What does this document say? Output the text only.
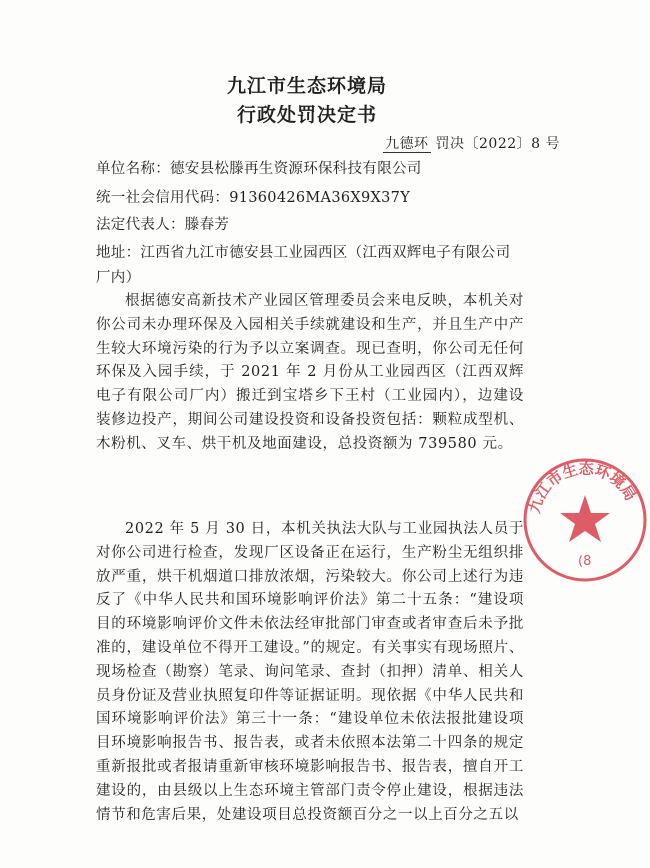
九江市生态环境局
行政处罚决定书
九德环 罚决〔2022〕8 号
单位名称：德安县松滕再生资源环保科技有限公司
统一社会信用代码：91360426MA36X9X37Y
法定代表人：滕春芳
地址：江西省九江市德安县工业园西区（江西双辉电子有限公司
厂内）
根据德安高新技术产业园区管理委员会来电反映，本机关对你公司未办理环保及入园相关手续就建设和生产，并且生产中产生较大环境污染的行为予以立案调查。现已查明，你公司无任何环保及入园手续，于 2021 年 2 月份从工业园西区（江西双辉电子有限公司厂内）搬迁到宝塔乡下王村（工业园内），边建设装修边投产，期间公司建设投资和设备投资包括：颗粒成型机、木粉机、叉车、烘干机及地面建设，总投资额为 739580 元。
2022 年 5 月 30 日，本机关执法大队与工业园执法人员于对你公司进行检查，发现厂区设备正在运行，生产粉尘无组织排放严重，烘干机烟道口排放浓烟，污染较大。你公司上述行为违反了《中华人民共和国环境影响评价法》第二十五条：“建设项目的环境影响评价文件未依法经审批部门审查或者审查后未予批准的，建设单位不得开工建设。”的规定。有关事实有现场照片、现场检查（勘察）笔录、询问笔录、查封（扣押）清单、相关人员身份证及营业执照复印件等证据证明。现依据《中华人民共和国环境影响评价法》第三十一条：“建设单位未依法报批建设项目环境影响报告书、报告表，或者未依照本法第二十四条的规定重新报批或者报请重新审核环境影响报告书、报告表，擅自开工建设的，由县级以上生态环境主管部门责令停止建设，根据违法情节和危害后果，处建设项目总投资额百分之一以上百分之五以
九江市生态环境局
(8
